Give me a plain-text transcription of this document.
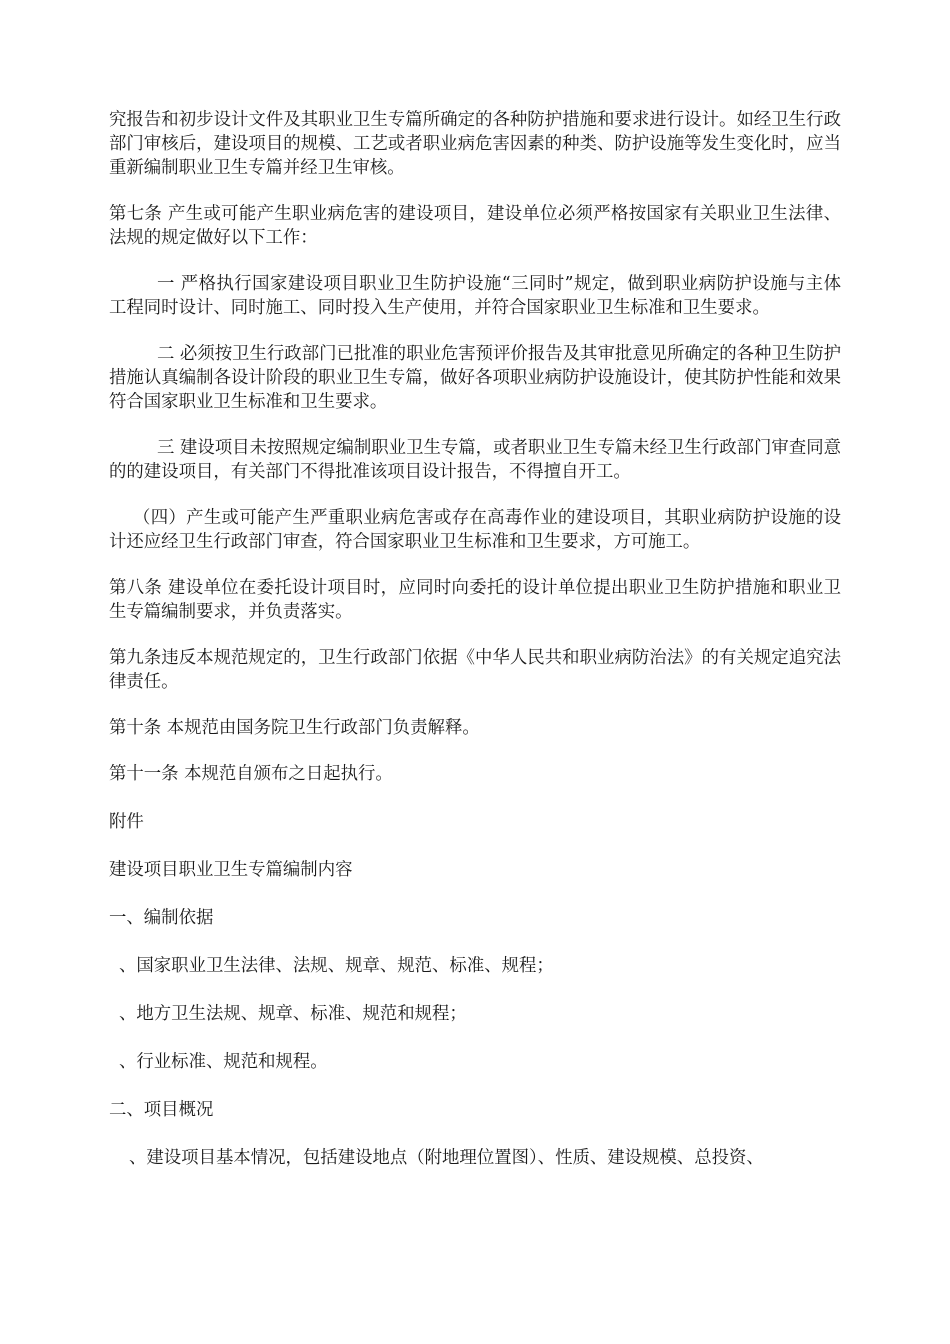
究报告和初步设计文件及其职业卫生专篇所确定的各种防护措施和要求进行设计。如经卫生行政部门审核后，建设项目的规模、工艺或者职业病危害因素的种类、防护设施等发生变化时，应当重新编制职业卫生专篇并经卫生审核。

第七条 产生或可能产生职业病危害的建设项目，建设单位必须严格按国家有关职业卫生法律、法规的规定做好以下工作：

一 严格执行国家建设项目职业卫生防护设施“三同时”规定，做到职业病防护设施与主体工程同时设计、同时施工、同时投入生产使用，并符合国家职业卫生标准和卫生要求。

二 必须按卫生行政部门已批准的职业危害预评价报告及其审批意见所确定的各种卫生防护措施认真编制各设计阶段的职业卫生专篇，做好各项职业病防护设施设计，使其防护性能和效果符合国家职业卫生标准和卫生要求。

三 建设项目未按照规定编制职业卫生专篇，或者职业卫生专篇未经卫生行政部门审查同意的的建设项目，有关部门不得批准该项目设计报告，不得擅自开工。

（四）产生或可能产生严重职业病危害或存在高毒作业的建设项目，其职业病防护设施的设计还应经卫生行政部门审查，符合国家职业卫生标准和卫生要求，方可施工。

第八条 建设单位在委托设计项目时，应同时向委托的设计单位提出职业卫生防护措施和职业卫生专篇编制要求，并负责落实。

第九条违反本规范规定的，卫生行政部门依据《中华人民共和职业病防治法》的有关规定追究法律责任。

第十条 本规范由国务院卫生行政部门负责解释。

第十一条 本规范自颁布之日起执行。

附件

建设项目职业卫生专篇编制内容

一、编制依据

、国家职业卫生法律、法规、规章、规范、标准、规程；

、地方卫生法规、规章、标准、规范和规程；

、行业标准、规范和规程。

二、项目概况

、建设项目基本情况，包括建设地点（附地理位置图）、性质、建设规模、总投资、
